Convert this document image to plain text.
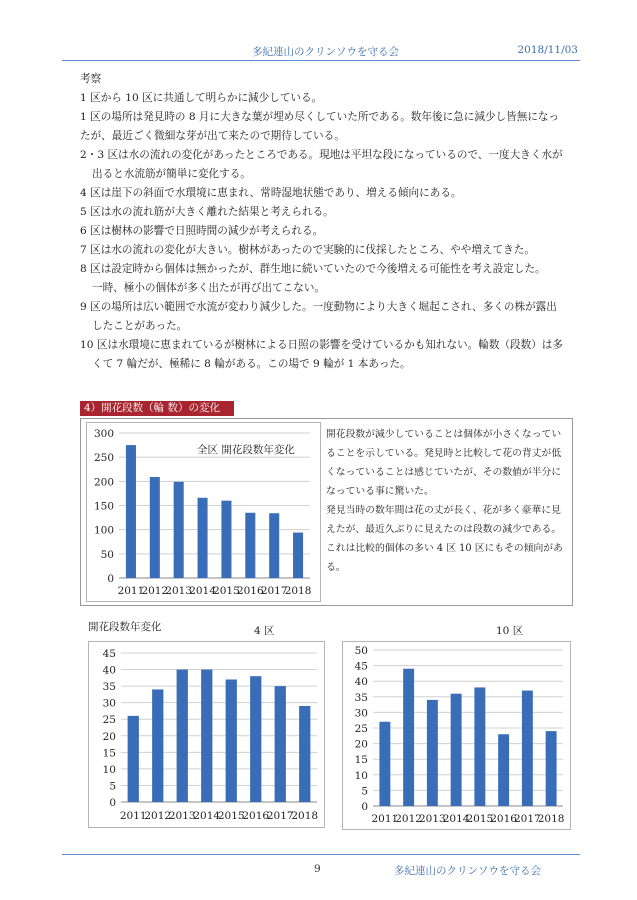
多紀連山のクリンソウを守る会	2018/11/03

考察

1 区から 10 区に共通して明らかに減少している。

1 区の場所は発見時の 8 月に大きな葉が埋め尽くしていた所である。数年後に急に減少し皆無になっ

たが、最近ごく微細な芽が出て来たので期待している。

2・3 区は水の流れの変化があったところである。現地は平坦な段になっているので、一度大きく水が

出ると水流筋が簡単に変化する。

4 区は崖下の斜面で水環境に恵まれ、常時湿地状態であり、増える傾向にある。

5 区は水の流れ筋が大きく離れた結果と考えられる。

6 区は樹林の影響で日照時間の減少が考えられる。

7 区は水の流れの変化が大きい。樹林があったので実験的に伐採したところ、やや増えてきた。

8 区は設定時から個体は無かったが、群生地に続いていたので今後増える可能性を考え設定した。

一時、極小の個体が多く出たが再び出てこない。

9 区の場所は広い範囲で水流が変わり減少した。一度動物により大きく堀起こされ、多くの株が露出

したことがあった。

10 区は水環境に恵まれているが樹林による日照の影響を受けているかも知れない。輪数（段数）は多

くて 7 輪だが、極稀に 8 輪がある。この場で 9 輪が 1 本あった。

4）開花段数（輪 数）の変化
0
50
100
150
200
250
300
2011
2012
2013
2014
2015
2016
2017
2018
全区 開花段数年変化
開花段数が減少していることは個体が小さくなってい
ることを示している。発見時と比較して花の背丈が低
くなっていることは感じていたが、その数値が半分に
なっている事に驚いた。
発見当時の数年間は花の丈が長く、花が多く豪華に見
えたが、最近久ぶりに見えたのは段数の減少である。
これは比較的個体の多い 4 区 10 区にもその傾向があ
る。
開花段数年変化	4 区	10 区
0
5
10
15
20
25
30
35
40
45
2011
2012
2013
2014
2015
2016
2017
2018
0
5
10
15
20
25
30
35
40
45
50
2011
2012
2013
2014
2015
2016
2017
2018
9	多紀連山のクリンソウを守る会
